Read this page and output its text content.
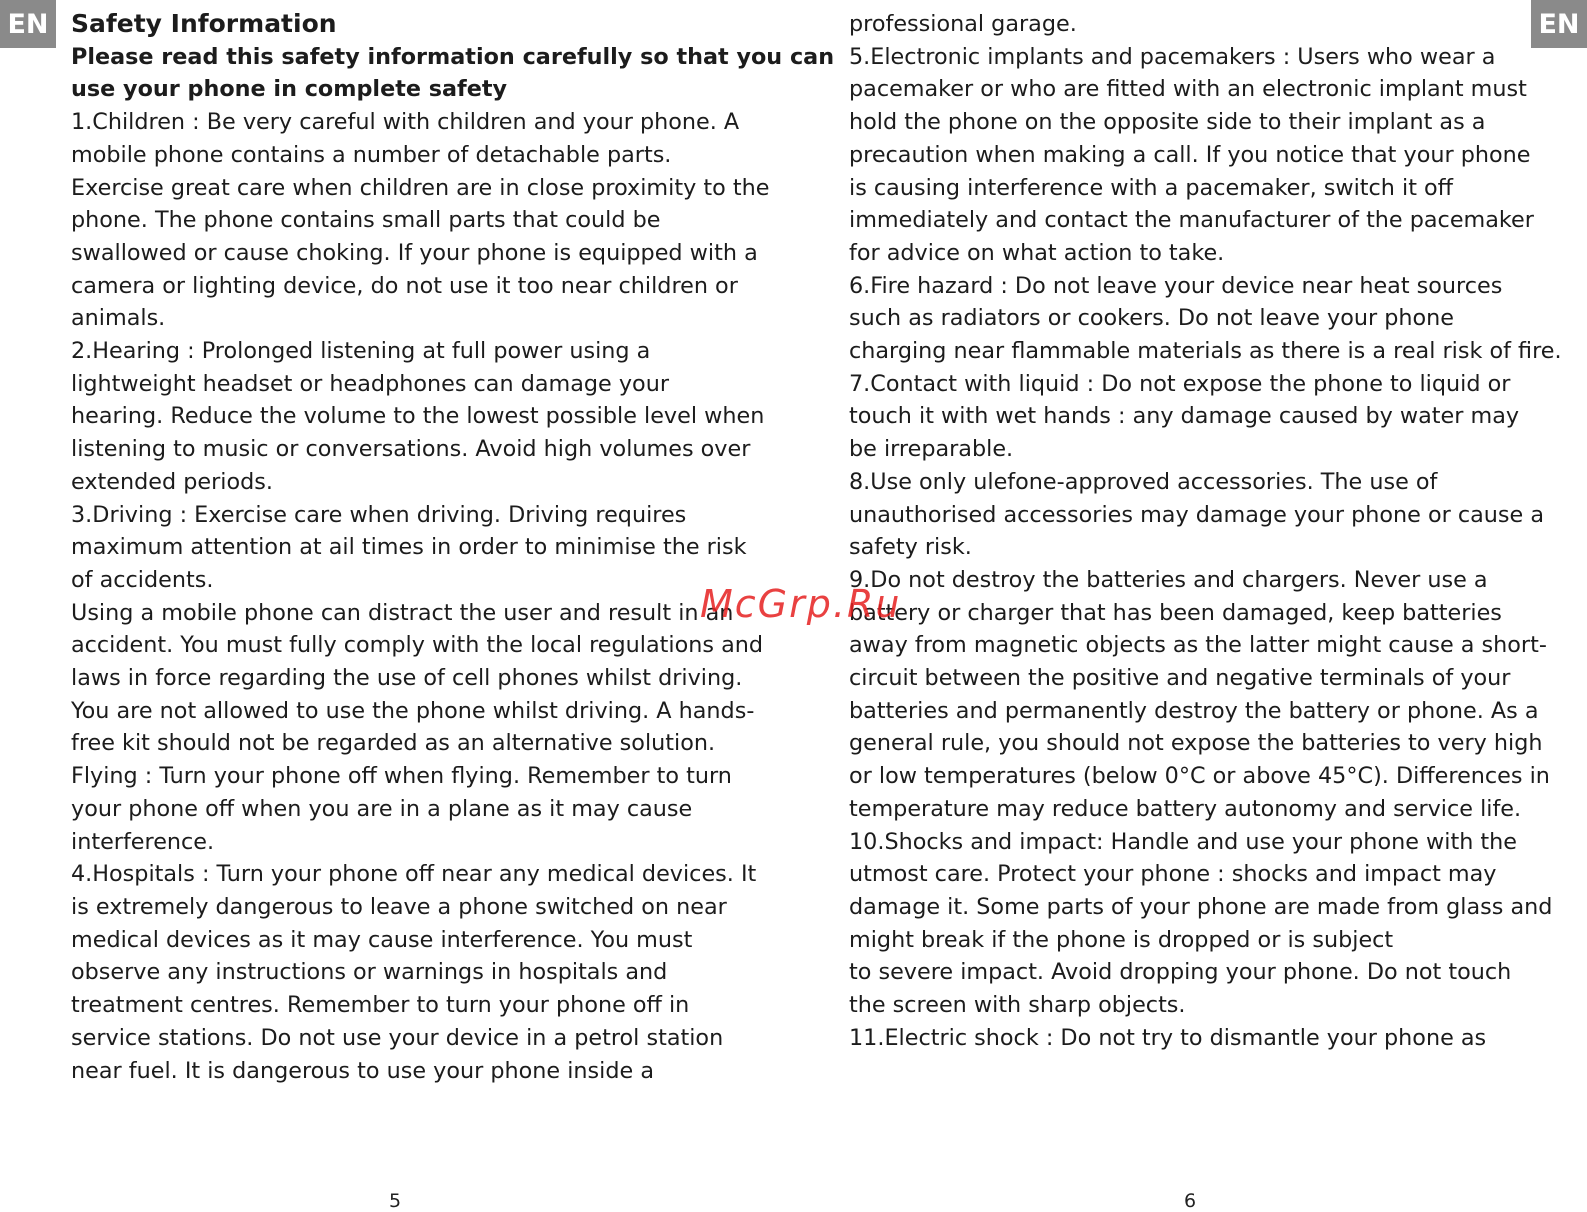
EN	EN
Safety Information
Please read this safety information carefully so that you can
use your phone in complete safety
1.Children : Be very careful with children and your phone. A
mobile phone contains a number of detachable parts.
Exercise great care when children are in close proximity to the
phone. The phone contains small parts that could be
swallowed or cause choking. If your phone is equipped with a
camera or lighting device, do not use it too near children or
animals.
2.Hearing : Prolonged listening at full power using a
lightweight headset or headphones can damage your
hearing. Reduce the volume to the lowest possible level when
listening to music or conversations. Avoid high volumes over
extended periods.
3.Driving : Exercise care when driving. Driving requires
maximum attention at ail times in order to minimise the risk
of accidents.
Using a mobile phone can distract the user and result in an
accident. You must fully comply with the local regulations and
laws in force regarding the use of cell phones whilst driving.
You are not allowed to use the phone whilst driving. A hands-
free kit should not be regarded as an alternative solution.
Flying : Turn your phone off when flying. Remember to turn
your phone off when you are in a plane as it may cause
interference.
4.Hospitals : Turn your phone off near any medical devices. It
is extremely dangerous to leave a phone switched on near
medical devices as it may cause interference. You must
observe any instructions or warnings in hospitals and
treatment centres. Remember to turn your phone off in
service stations. Do not use your device in a petrol station
near fuel. It is dangerous to use your phone inside a
professional garage.
5.Electronic implants and pacemakers : Users who wear a
pacemaker or who are fitted with an electronic implant must
hold the phone on the opposite side to their implant as a
precaution when making a call. If you notice that your phone
is causing interference with a pacemaker, switch it off
immediately and contact the manufacturer of the pacemaker
for advice on what action to take.
6.Fire hazard : Do not leave your device near heat sources
such as radiators or cookers. Do not leave your phone
charging near flammable materials as there is a real risk of fire.
7.Contact with liquid : Do not expose the phone to liquid or
touch it with wet hands : any damage caused by water may
be irreparable.
8.Use only ulefone-approved accessories. The use of
unauthorised accessories may damage your phone or cause a
safety risk.
9.Do not destroy the batteries and chargers. Never use a
battery or charger that has been damaged, keep batteries
away from magnetic objects as the latter might cause a short-
circuit between the positive and negative terminals of your
batteries and permanently destroy the battery or phone. As a
general rule, you should not expose the batteries to very high
or low temperatures (below 0°C or above 45°C). Differences in
temperature may reduce battery autonomy and service life.
10.Shocks and impact: Handle and use your phone with the
utmost care. Protect your phone : shocks and impact may
damage it. Some parts of your phone are made from glass and
might break if the phone is dropped or is subject
to severe impact. Avoid dropping your phone. Do not touch
the screen with sharp objects.
11.Electric shock : Do not try to dismantle your phone as
5	6
McGrp.Ru
